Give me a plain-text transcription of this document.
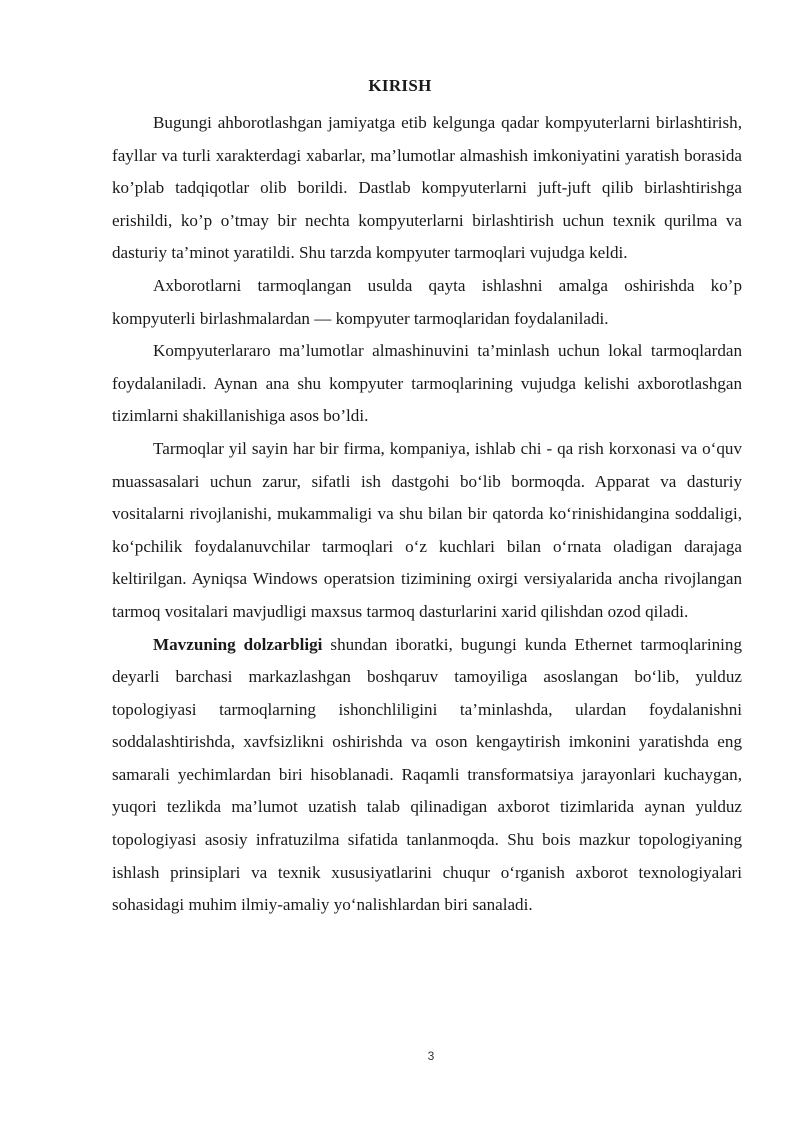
KIRISH

Bugungi ahborotlashgan jamiyatga etib kelgunga qadar kompyuterlarni birlashtirish, fayllar va turli xarakterdagi xabarlar, ma’lumotlar almashish imkoniyatini yaratish borasida ko’plab tadqiqotlar olib borildi. Dastlab kompyuterlarni juft-juft qilib birlashtirishga erishildi, ko’p o’tmay bir nechta kompyuterlarni birlashtirish uchun texnik qurilma va dasturiy ta’minot yaratildi. Shu tarzda kompyuter tarmoqlari vujudga keldi.

Axborotlarni tarmoqlangan usulda qayta ishlashni amalga oshirishda ko’p kompyuterli birlashmalardan — kompyuter tarmoqlaridan foydalaniladi.

Kompyuterlararo ma’lumotlar almashinuvini ta’minlash uchun lokal tarmoqlardan foydalaniladi. Aynan ana shu kompyuter tarmoqlarining vujudga kelishi axborotlashgan tizimlarni shakillanishiga asos bo’ldi.

Tarmoqlar yil sayin har bir firma, kompaniya, ishlab chi - qa rish korxonasi va oʻquv muassasalari uchun zarur, sifatli ish dastgohi boʻlib bormoqda. Apparat va dasturiy vositalarni rivojlanishi, mukammaligi va shu bilan bir qatorda koʻrinishidangina soddaligi, koʻpchilik foydalanuvchilar tarmoqlari oʻz kuchlari bilan oʻrnata oladigan darajaga keltirilgan. Ayniqsa Windows operatsion tizimining oxirgi versiyalarida ancha rivojlangan tarmoq vositalari mavjudligi maxsus tarmoq dasturlarini xarid qilishdan ozod qiladi.

Mavzuning dolzarbligi shundan iboratki, bugungi kunda Ethernet tarmoqlarining deyarli barchasi markazlashgan boshqaruv tamoyiliga asoslangan boʻlib, yulduz topologiyasi tarmoqlarning ishonchliligini ta’minlashda, ulardan foydalanishni soddalashtirishda, xavfsizlikni oshirishda va oson kengaytirish imkonini yaratishda eng samarali yechimlardan biri hisoblanadi. Raqamli transformatsiya jarayonlari kuchaygan, yuqori tezlikda ma’lumot uzatish talab qilinadigan axborot tizimlarida aynan yulduz topologiyasi asosiy infratuzilma sifatida tanlanmoqda. Shu bois mazkur topologiyaning ishlash prinsiplari va texnik xususiyatlarini chuqur oʻrganish axborot texnologiyalari sohasidagi muhim ilmiy-amaliy yoʻnalishlardan biri sanaladi.

3
